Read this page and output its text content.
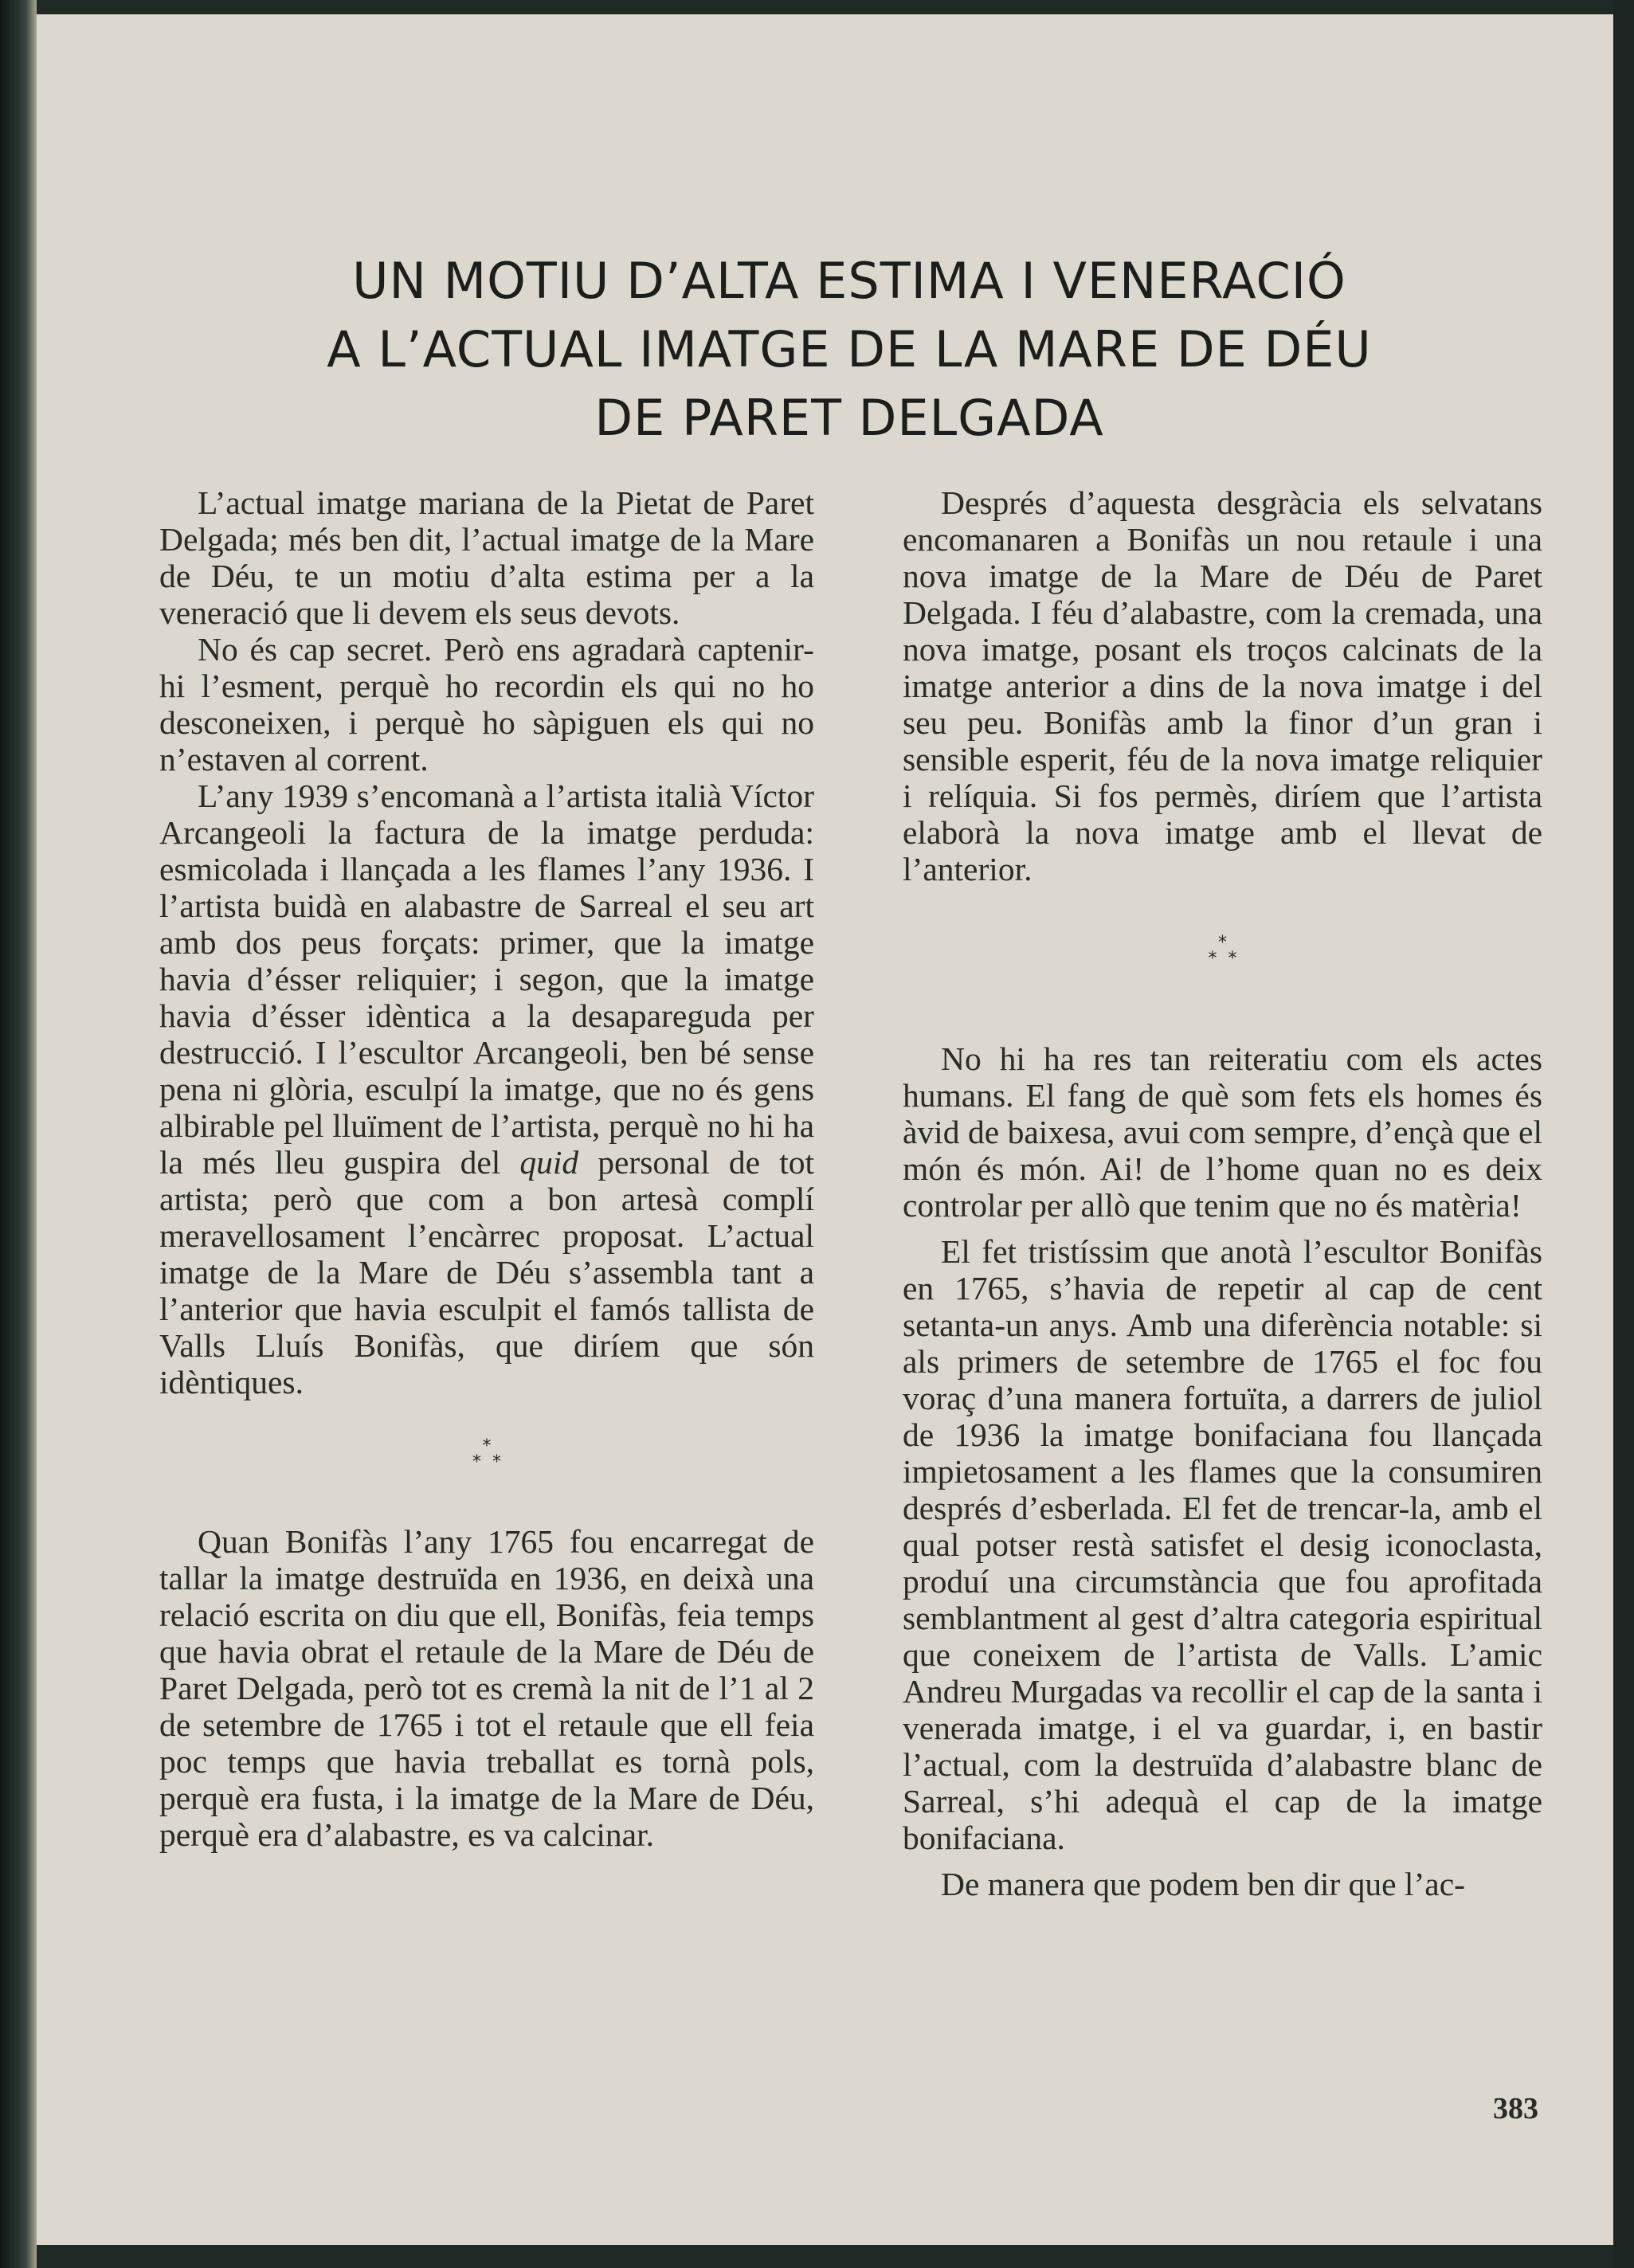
UN MOTIU D’ALTA ESTIMA I VENERACIÓ
A L’ACTUAL IMATGE DE LA MARE DE DÉU
DE PARET DELGADA

L’actual imatge mariana de la Pietat de Paret Delgada; més ben dit, l’actual imatge de la Mare de Déu, te un motiu d’alta estima per a la veneració que li devem els seus devots.

No és cap secret. Però ens agradarà captenir-hi l’esment, perquè ho recordin els qui no ho desconeixen, i perquè ho sàpiguen els qui no n’estaven al corrent.

L’any 1939 s’encomanà a l’artista italià Víctor Arcangeoli la factura de la imatge perduda: esmicolada i llançada a les flames l’any 1936. I l’artista buidà en alabastre de Sarreal el seu art amb dos peus forçats: primer, que la imatge havia d’ésser reliquier; i segon, que la imatge havia d’ésser idèntica a la desapareguda per destrucció. I l’escultor Arcangeoli, ben bé sense pena ni glòria, esculpí la imatge, que no és gens albirable pel lluïment de l’artista, perquè no hi ha la més lleu guspira del quid personal de tot artista; però que com a bon artesà complí meravellosament l’encàrrec proposat. L’actual imatge de la Mare de Déu s’assembla tant a l’anterior que havia esculpit el famós tallista de Valls Lluís Bonifàs, que diríem que són idèntiques.

*
* *

Quan Bonifàs l’any 1765 fou encarregat de tallar la imatge destruïda en 1936, en deixà una relació escrita on diu que ell, Bonifàs, feia temps que havia obrat el retaule de la Mare de Déu de Paret Delgada, però tot es cremà la nit de l’1 al 2 de setembre de 1765 i tot el retaule que ell feia poc temps que havia treballat es tornà pols, perquè era fusta, i la imatge de la Mare de Déu, perquè era d’alabastre, es va calcinar.

Després d’aquesta desgràcia els selvatans encomanaren a Bonifàs un nou retaule i una nova imatge de la Mare de Déu de Paret Delgada. I féu d’alabastre, com la cremada, una nova imatge, posant els troços calcinats de la imatge anterior a dins de la nova imatge i del seu peu. Bonifàs amb la finor d’un gran i sensible esperit, féu de la nova imatge reliquier i relíquia. Si fos permès, diríem que l’artista elaborà la nova imatge amb el llevat de l’anterior.

*
* *

No hi ha res tan reiteratiu com els actes humans. El fang de què som fets els homes és àvid de baixesa, avui com sempre, d’ençà que el món és món. Ai! de l’home quan no es deix controlar per allò que tenim que no és matèria!

El fet tristíssim que anotà l’escultor Bonifàs en 1765, s’havia de repetir al cap de cent setanta-un anys. Amb una diferència notable: si als primers de setembre de 1765 el foc fou voraç d’una manera fortuïta, a darrers de juliol de 1936 la imatge bonifaciana fou llançada impietosament a les flames que la consumiren després d’esberlada. El fet de trencar-la, amb el qual potser restà satisfet el desig iconoclasta, produí una circumstància que fou aprofitada semblantment al gest d’altra categoria espiritual que coneixem de l’artista de Valls. L’amic Andreu Murgadas va recollir el cap de la santa i venerada imatge, i el va guardar, i, en bastir l’actual, com la destruïda d’alabastre blanc de Sarreal, s’hi adequà el cap de la imatge bonifaciana.

De manera que podem ben dir que l’ac-

383
